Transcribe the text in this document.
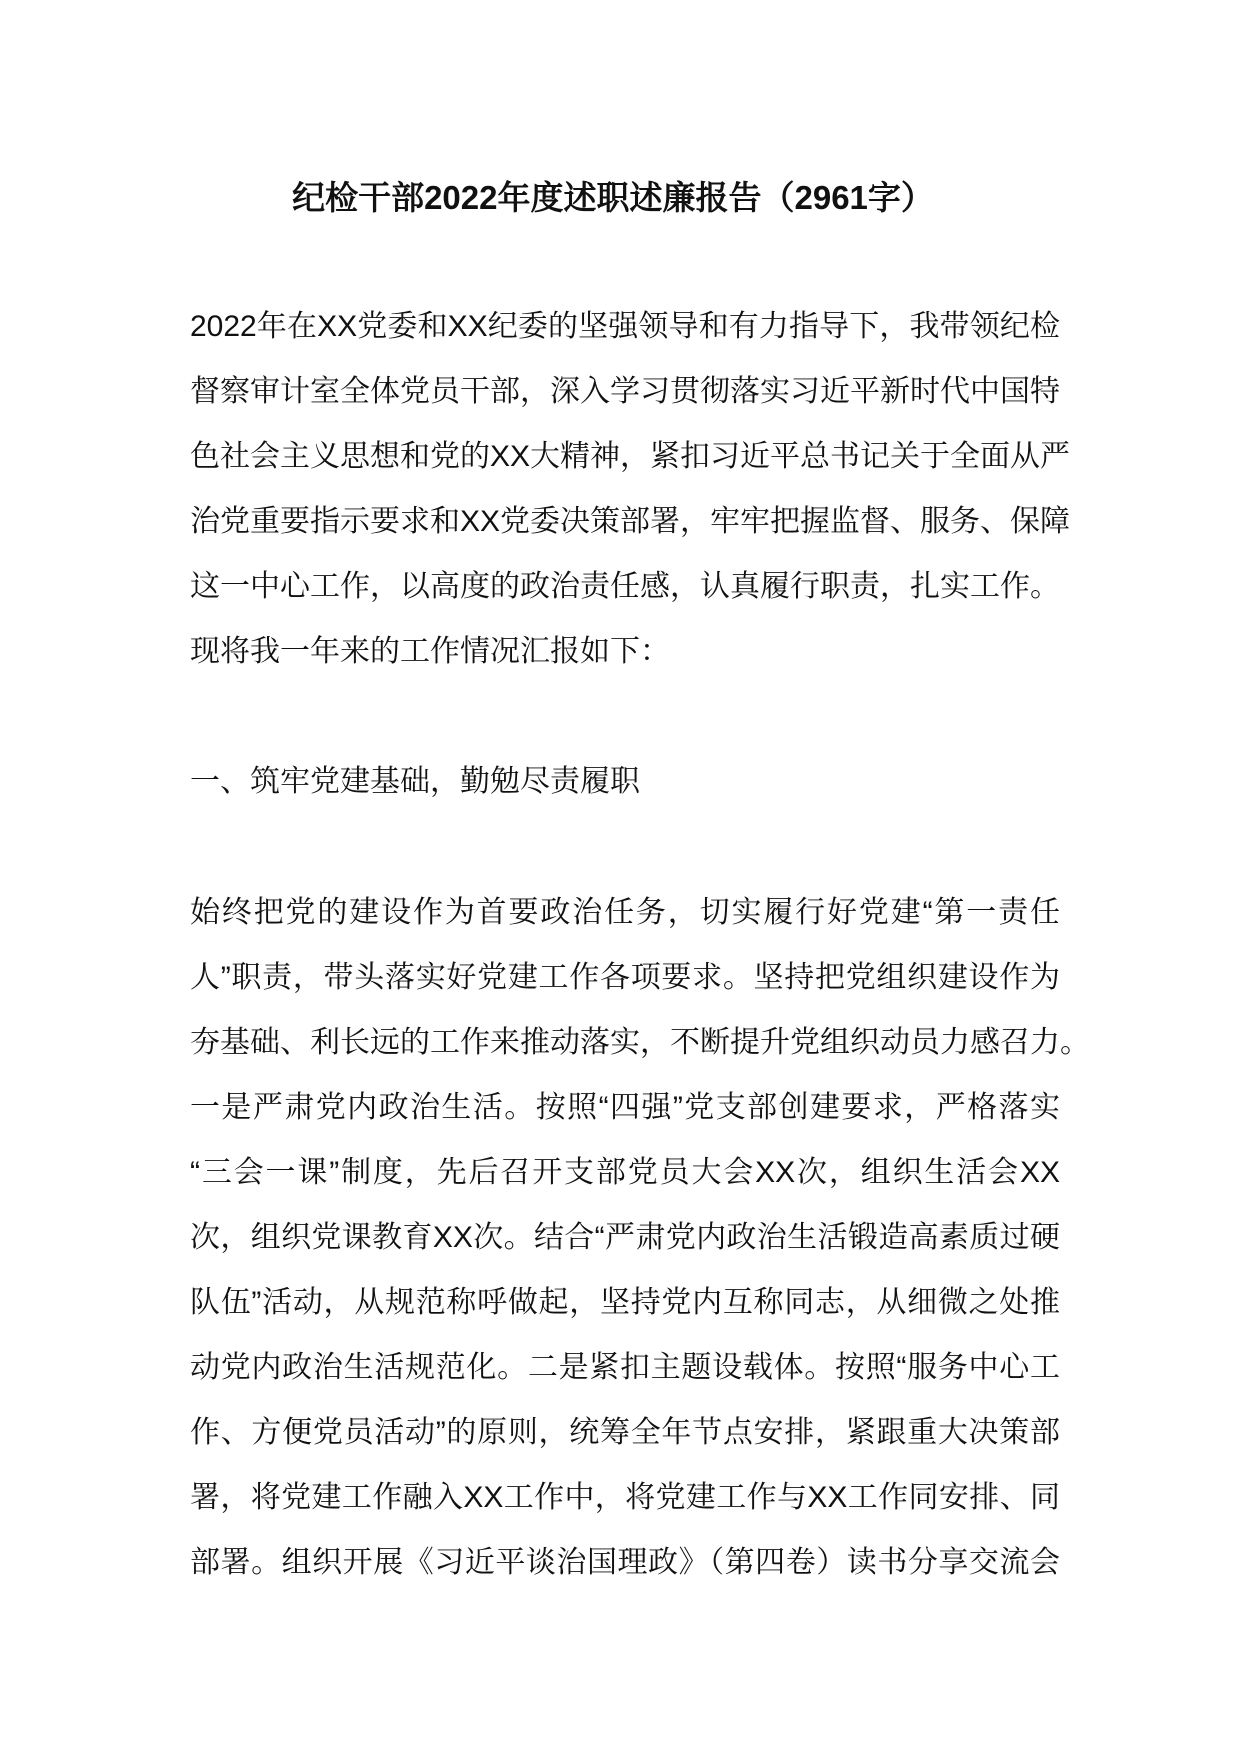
纪检干部2022年度述职述廉报告（2961字）
2022年在XX党委和XX纪委的坚强领导和有力指导下，我带领纪检
督察审计室全体党员干部，深入学习贯彻落实习近平新时代中国特
色社会主义思想和党的XX大精神，紧扣习近平总书记关于全面从严
治党重要指示要求和XX党委决策部署，牢牢把握监督、服务、保障
这一中心工作，以高度的政治责任感，认真履行职责，扎实工作。
现将我一年来的工作情况汇报如下：
一、筑牢党建基础，勤勉尽责履职
始终把党的建设作为首要政治任务，切实履行好党建“第一责任
人”职责，带头落实好党建工作各项要求。坚持把党组织建设作为
夯基础、利长远的工作来推动落实，不断提升党组织动员力感召力。
一是严肃党内政治生活。按照“四强”党支部创建要求，严格落实
“三会一课”制度，先后召开支部党员大会XX次，组织生活会XX
次，组织党课教育XX次。结合“严肃党内政治生活锻造高素质过硬
队伍”活动，从规范称呼做起，坚持党内互称同志，从细微之处推
动党内政治生活规范化。二是紧扣主题设载体。按照“服务中心工
作、方便党员活动”的原则，统筹全年节点安排，紧跟重大决策部
署，将党建工作融入XX工作中，将党建工作与XX工作同安排、同
部署。组织开展《习近平谈治国理政》（第四卷）读书分享交流会
